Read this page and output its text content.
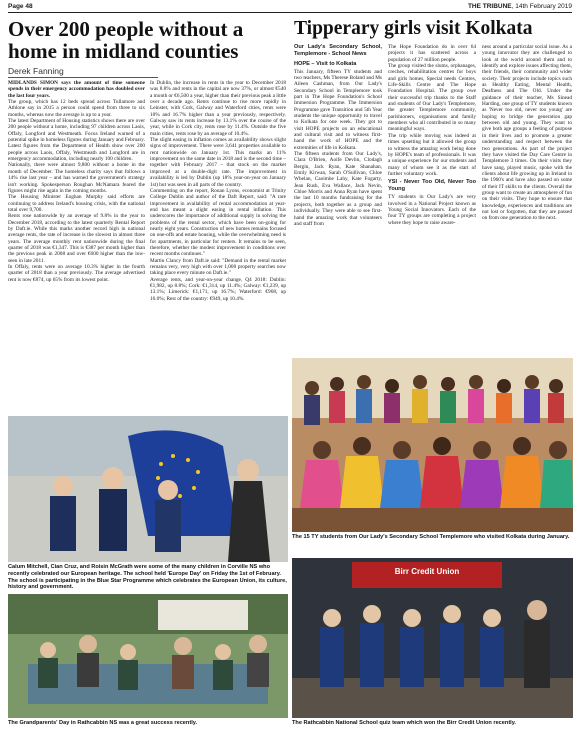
Page 48	THE TRIBUNE, 14th February 2019
Over 200 people without a home in midland counties
Derek Fanning

MIDLANDS SIMON says the amount of time someone spends in their emergency accommodation has doubled over the last four years.

The group, which has 12 beds spread across Tullamore and Athlone say in 2015 a person could spend from three to six months, whereas now the average is up to a year.

The latest Department of Housing statistics shows there are over 200 people without a home, including 97 children across Laois, Offaly, Longford and Westmeath. Focus Ireland warned of a potential spike in homeless figures during January and February.

Latest figures from the Department of Health show over 200 people across Laois, Offaly, Westmeath and Longford are in emergency accommodation, including nearly 100 children.

Nationally, there were almost 9,800 without a home in the month of December. The homeless charity says that follows a 14% rise last year – and has warned the government's strategy isn't working. Spokesperson Roughan McNamara feared the figures might rise again in the coming months.

The Housing Minister Eoghan Murphy said efforts are continuing to address Ireland's housing crisis, with the national total over 9,700.

Rents rose nationwide by an average of 9.8% in the year to December 2018, according to the latest quarterly Rental Report by Daft.ie. While this marks another record high in national average rents, the rate of increase is the slowest in almost three years. The average monthly rent nationwide during the final quarter of 2018 was €1,347. This is €387 per month higher than the previous peak in 2008 and over €600 higher than the low-seen in late 2011.

In Offaly, rents were on average 10.3% higher in the fourth quarter of 2018 than a year previously. The average advertised rent is now €874, up 65% from its lowest point.

In Dublin, the increase in rents in the year to December 2018 was 8.8% and rents in the capital are now 37%, or almost €540 a month or €6,500 a year, higher than their previous peak a little over a decade ago. Rents continue to rise more rapidly in Leinster, with Cork, Galway and Waterford cities, rents were 10% and 16.7% higher than a year previously, respectively. Galway saw its rents increase by 13.1% over the course of the year, while in Cork city, rents rose by 11.4%. Outside the five main cities, rents rose by an average of 10.4%.

The slight easing in inflation comes as availability shows slight signs of improvement. There were 3,641 properties available to rent nationwide on January 1st. This marks an 11% improvement on the same date in 2018 and is the second time – together with February 2017 – that stock on the market improved at a double-digit rate. The improvement in availability is led by Dublin (up 18% year-on-year on January 1st) but was seen in all parts of the country.

Commenting on the report, Ronan Lyons, economist at Trinity College Dublin and author of the Daft Report, said: "A rare improvement in availability of rental accommodation at year-end has meant a slight easing in rental inflation. This underscores the importance of additional supply in solving the problems of the rental sector, which have been on-going for nearly eight years. Construction of new homes remains focused on one-offs and estate housing, while the overwhelming need is for apartments, in particular for renters. It remains to be seen, therefore, whether the modest improvement in conditions over recent months continues."

Martin Clancy from Daft.ie said: "Demand in the rental market remains very, very high with over 1,000 property searches now taking place every minute on Daft.ie."

Average rents, and year-on-year change, Q4 2018: Dublin: €1,982, up 8.8%; Cork: €1,314, up 11.4%; Galway: €1,239, up 13.1%; Limerick: €1,171, up 16.7%; Waterford: €968, up 16.0%; Rest of the country: €949, up 10.4%.

Tipperary girls visit Kolkata
Our Lady's Secondary School, Templemore - School News
HOPE – Visit to Kolkata

This January, fifteen TY students and two teachers, Ms Therese Boland and Ms Aileen Cashman, from Our Lady's Secondary School in Templemore took part in The Hope Foundation's School Immersion Programme. The Immersion Programme gave Transition and 5th Year students the unique opportunity to travel to Kolkata for one week. They got to visit HOPE projects on an educational and cultural visit and to witness first-hand the work of HOPE and the extremities of life in Kolkata.

The fifteen students from Our Lady's, Clara O'Brien, Aoife Devlin, Clodagh Bergin, Jack Ryan, Kate Shanahan, Emily Kirwan, Sarah O'Sullivan, Chloe Whelan, Caoimhe Lahy, Kate Fogarty, Jean Rush, Eva Wallace, Jack Nevin, Chloe Morris and Anna Ryan have spent the last 10 months fundraising for the projects, both together as a group and individually. They were able to see first-hand the amazing work that volunteers and staff from

The Hope Foundation do in over 64 projects it has scattered across a population of 27 million people.

The group visited the slums, orphanages, creches, rehabilitation centres for boys and girls homes, Special needs Centres, Life-Skills Centre and The Hope Foundation Hospital. The group owe their successful trip thanks to the Staff and students of Our Lady's Templemore, the greater Templemore community, parishioners, organisations and family members who all contributed in so many meaningful ways.

The trip while moving was indeed at times upsetting but it allowed the group to witness the amazing work being done by HOPE's team of professionals. It was a unique experience for our students and many of whom see it as the start of further voluntary work.

YSI - Never Too Old, Never Too Young

TY students in Our Lady's are very involved in a National Project known as Young Social Innovators. Each of the four TY groups are completing a project where they hope to raise aware-

ness around a particular social issue. As a young innovator they are challenged to look at the world around them and to identify and explore issues affecting them, their friends, their community and wider society. Their projects include topics such as Healthy Eating, Mental Health, Deafness and The Old. Under the guidance of their teacher, Ms Sinead Harding, one group of TY students known as 'Never too old, never too young' are hoping to bridge the generation gap between old and young. They want to give both age groups a feeling of purpose in their lives and to promote a greater understanding and respect between the two generations. As part of the project they have visited the Day Care Centre in Templemore 3 times. On their visits they have sang, played music, spoke with the clients about life growing up in Ireland in the 1960's and have also passed on some of their IT skills to the clients. Overall the group want to create an atmosphere of fun on their visits. They hope to ensure that knowledge, experiences and traditions are not lost or forgotten, that they are passed on from one generation to the next.

The 15 TY students from Our Lady's Secondary School Templemore who visited Kolkata during January.
Calum Mitchell, Cian Cruz, and Roisin McGrath were some of the many children in Corville NS who recently celebrated our European heritage. The school held 'Europe Day' on Friday the 1st of February. The school is participating in the Blue Star Programme which celebrates the European Union, its culture, history and government.
The Grandparents' Day in Rathcabbin NS was a great success recently.
Birr Credit Union
The Rathcabbin National School quiz team which won the Birr Credit Union recently.
